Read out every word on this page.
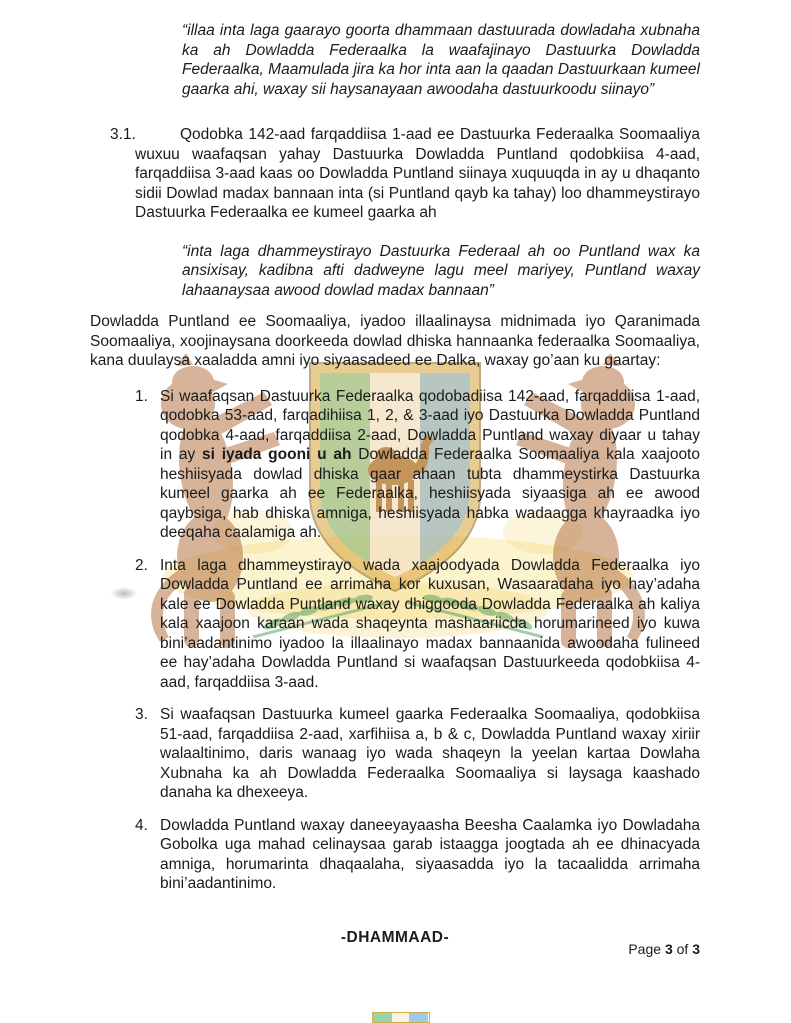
“illaa inta laga gaarayo goorta dhammaan dastuurada dowladaha xubnaha ka ah Dowladda Federaalka la waafajinayo Dastuurka Dowladda Federaalka, Maamulada jira ka hor inta aan la qaadan Dastuurkaan kumeel gaarka ahi, waxay sii haysanayaan awoodaha dastuurkoodu siinayo”

3.1.	Qodobka 142-aad farqaddiisa 1-aad ee Dastuurka Federaalka Soomaaliya wuxuu waafaqsan yahay Dastuurka Dowladda Puntland qodobkiisa 4-aad, farqaddiisa 3-aad kaas oo Dowladda Puntland siinaya xuquuqda in ay u dhaqanto sidii Dowlad madax bannaan inta (si Puntland qayb ka tahay) loo dhammeystirayo Dastuurka Federaalka ee kumeel gaarka ah

“inta laga dhammeystirayo Dastuurka Federaal ah oo Puntland wax ka ansixisay, kadibna afti dadweyne lagu meel mariyey, Puntland waxay lahaanaysaa awood dowlad madax bannaan”

Dowladda Puntland ee Soomaaliya, iyadoo illaalinaysa midnimada iyo Qaranimada Soomaaliya, xoojinaysana doorkeeda dowlad dhiska hannaanka federaalka Soomaaliya, kana duulaysa xaaladda amni iyo siyaasadeed ee Dalka, waxay go’aan ku gaartay:

1. Si waafaqsan Dastuurka Federaalka qodobadiisa 142-aad, farqaddiisa 1-aad, qodobka 53-aad, farqadihiisa 1, 2, & 3-aad iyo Dastuurka Dowladda Puntland qodobka 4-aad, farqaddiisa 2-aad, Dowladda Puntland waxay diyaar u tahay in ay si iyada gooni u ah Dowladda Federaalka Soomaaliya kala xaajooto heshiisyada dowlad dhiska gaar ahaan tubta dhammeystirka Dastuurka kumeel gaarka ah ee Federaalka, heshiisyada siyaasiga ah ee awood qaybsiga, hab dhiska amniga, heshiisyada habka wadaagga khayraadka iyo deeqaha caalamiga ah.
2. Inta laga dhammeystirayo wada xaajoodyada Dowladda Federaalka iyo Dowladda Puntland ee arrimaha kor kuxusan, Wasaaradaha iyo hay’adaha kale ee Dowladda Puntland waxay dhiggooda Dowladda Federaalka ah kaliya kala xaajoon karaan wada shaqeynta mashaariicda horumarineed iyo kuwa bini’aadantinimo iyadoo la illaalinayo madax bannaanida awoodaha fulineed ee hay’adaha Dowladda Puntland si waafaqsan Dastuurkeeda qodobkiisa 4-aad, farqaddiisa 3-aad.
3. Si waafaqsan Dastuurka kumeel gaarka Federaalka Soomaaliya, qodobkiisa 51-aad, farqaddiisa 2-aad, xarfihiisa a, b & c, Dowladda Puntland waxay xiriir walaaltinimo, daris wanaag iyo wada shaqeyn la yeelan kartaa Dowlaha Xubnaha ka ah Dowladda Federaalka Soomaaliya si laysaga kaashado danaha ka dhexeeya.
4. Dowladda Puntland waxay daneeyayaasha Beesha Caalamka iyo Dowladaha Gobolka uga mahad celinaysaa garab istaagga joogtada ah ee dhinacyada amniga, horumarinta dhaqaalaha, siyaasadda iyo la tacaalidda arrimaha bini’aadantinimo.

-DHAMMAAD-

Page 3 of 3
